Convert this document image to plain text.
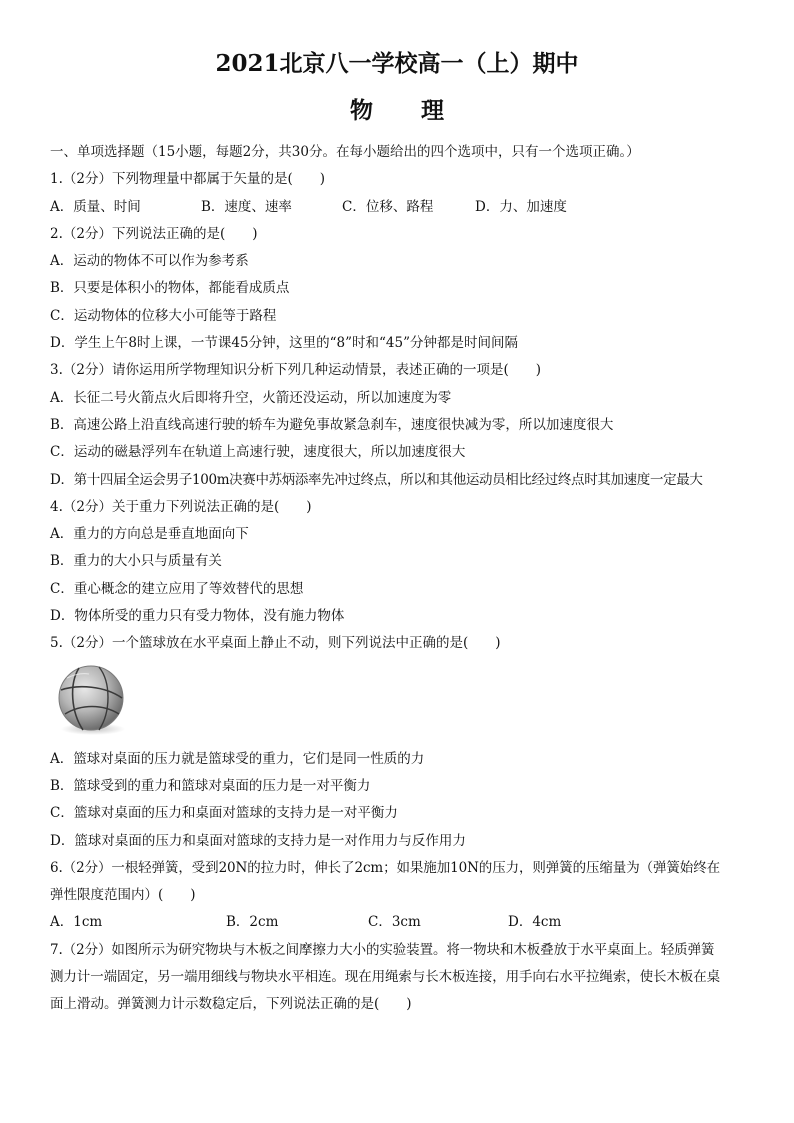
2021北京八一学校高一（上）期中
物 理
一、单项选择题（15小题，每题2分，共30分。在每小题给出的四个选项中，只有一个选项正确。）
1.（2分）下列物理量中都属于矢量的是(　　)
A．质量、时间	B．速度、速率	C．位移、路程	D．力、加速度
2.（2分）下列说法正确的是(　　)
A．运动的物体不可以作为参考系
B．只要是体积小的物体，都能看成质点
C．运动物体的位移大小可能等于路程
D．学生上午8时上课，一节课45分钟，这里的“8”时和“45”分钟都是时间间隔
3.（2分）请你运用所学物理知识分析下列几种运动情景，表述正确的一项是(　　)
A．长征二号火箭点火后即将升空，火箭还没运动，所以加速度为零
B．高速公路上沿直线高速行驶的轿车为避免事故紧急刹车，速度很快减为零，所以加速度很大
C．运动的磁悬浮列车在轨道上高速行驶，速度很大，所以加速度很大
D．第十四届全运会男子100m决赛中苏炳添率先冲过终点，所以和其他运动员相比经过终点时其加速度一定最大
4.（2分）关于重力下列说法正确的是(　　)
A．重力的方向总是垂直地面向下
B．重力的大小只与质量有关
C．重心概念的建立应用了等效替代的思想
D．物体所受的重力只有受力物体，没有施力物体
5.（2分）一个篮球放在水平桌面上静止不动，则下列说法中正确的是(　　)
A．篮球对桌面的压力就是篮球受的重力，它们是同一性质的力
B．篮球受到的重力和篮球对桌面的压力是一对平衡力
C．篮球对桌面的压力和桌面对篮球的支持力是一对平衡力
D．篮球对桌面的压力和桌面对篮球的支持力是一对作用力与反作用力
6.（2分）一根轻弹簧，受到20N的拉力时，伸长了2cm；如果施加10N的压力，则弹簧的压缩量为（弹簧始终在
弹性限度范围内）(　　)
A．1cm	B．2cm	C．3cm	D．4cm
7.（2分）如图所示为研究物块与木板之间摩擦力大小的实验装置。将一物块和木板叠放于水平桌面上。轻质弹簧
测力计一端固定，另一端用细线与物块水平相连。现在用绳索与长木板连接，用手向右水平拉绳索，使长木板在桌
面上滑动。弹簧测力计示数稳定后，下列说法正确的是(　　)
